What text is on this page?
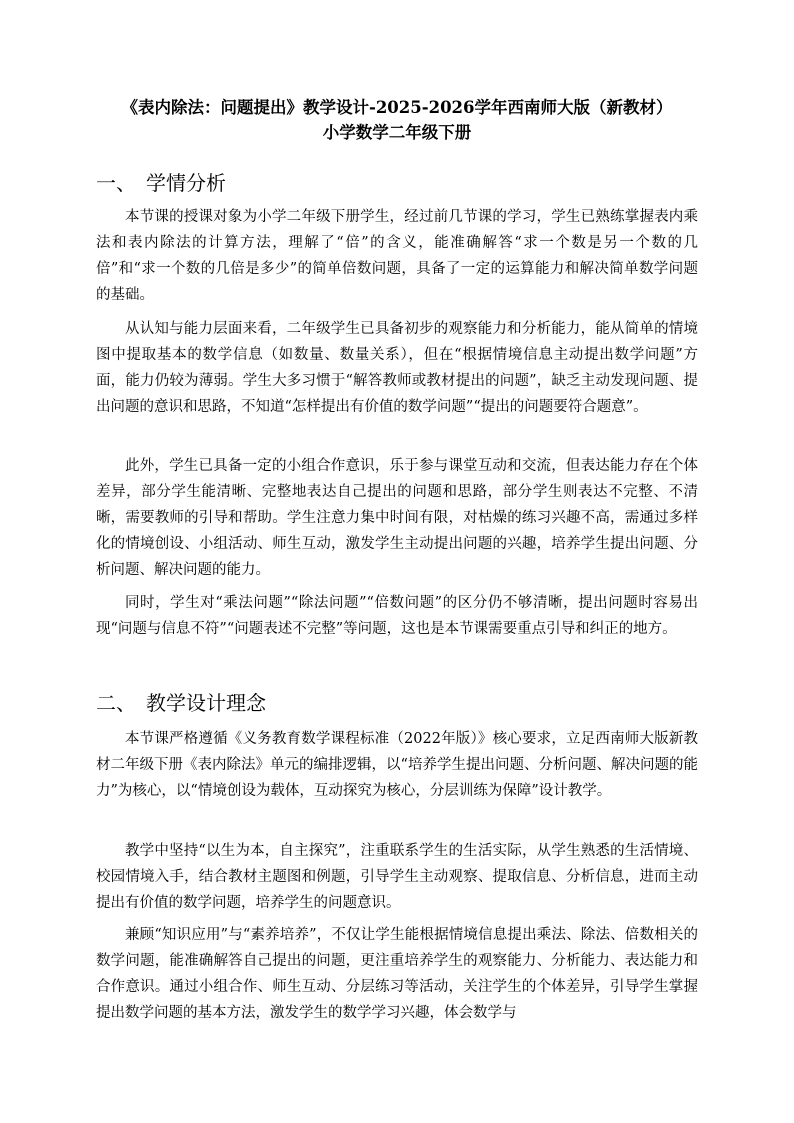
《表内除法：问题提出》教学设计-2025-2026学年西南师大版（新教材）
小学数学二年级下册
一、 学情分析

本节课的授课对象为小学二年级下册学生，经过前几节课的学习，学生已熟练掌握表内乘法和表内除法的计算方法，理解了“倍”的含义，能准确解答“求一个数是另一个数的几倍”和“求一个数的几倍是多少”的简单倍数问题，具备了一定的运算能力和解决简单数学问题的基础。

从认知与能力层面来看，二年级学生已具备初步的观察能力和分析能力，能从简单的情境图中提取基本的数学信息（如数量、数量关系），但在“根据情境信息主动提出数学问题”方面，能力仍较为薄弱。学生大多习惯于“解答教师或教材提出的问题”，缺乏主动发现问题、提出问题的意识和思路，不知道“怎样提出有价值的数学问题”“提出的问题要符合题意”。

此外，学生已具备一定的小组合作意识，乐于参与课堂互动和交流，但表达能力存在个体差异，部分学生能清晰、完整地表达自己提出的问题和思路，部分学生则表达不完整、不清晰，需要教师的引导和帮助。学生注意力集中时间有限，对枯燥的练习兴趣不高，需通过多样化的情境创设、小组活动、师生互动，激发学生主动提出问题的兴趣，培养学生提出问题、分析问题、解决问题的能力。

同时，学生对“乘法问题”“除法问题”“倍数问题”的区分仍不够清晰，提出问题时容易出现“问题与信息不符”“问题表述不完整”等问题，这也是本节课需要重点引导和纠正的地方。

二、 教学设计理念

本节课严格遵循《义务教育数学课程标准（2022年版）》核心要求，立足西南师大版新教材二年级下册《表内除法》单元的编排逻辑，以“培养学生提出问题、分析问题、解决问题的能力”为核心，以“情境创设为载体，互动探究为核心，分层训练为保障”设计教学。

教学中坚持“以生为本，自主探究”，注重联系学生的生活实际，从学生熟悉的生活情境、校园情境入手，结合教材主题图和例题，引导学生主动观察、提取信息、分析信息，进而主动提出有价值的数学问题，培养学生的问题意识。

兼顾“知识应用”与“素养培养”，不仅让学生能根据情境信息提出乘法、除法、倍数相关的数学问题，能准确解答自己提出的问题，更注重培养学生的观察能力、分析能力、表达能力和合作意识。通过小组合作、师生互动、分层练习等活动，关注学生的个体差异，引导学生掌握提出数学问题的基本方法，激发学生的数学学习兴趣，体会数学与
